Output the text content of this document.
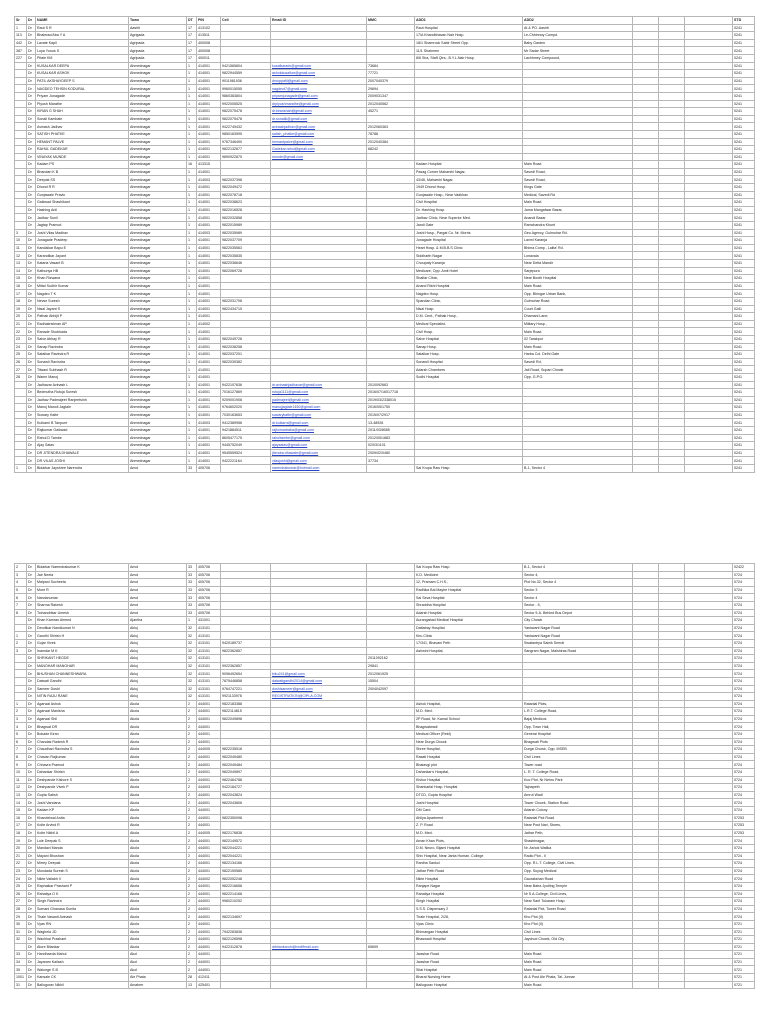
Sr	Dr	NAME	Town	DT	PIN	Cell	Email ID	MMC	ADD1	ADD2				STD
1	Dr	Raut S R	Aashti	17	413102				Raut Hospital	At & PO. Aashti				0241
113	Dr	Bhalerao/Aba Y A	Agrigada	17	413511				17/A Khandbhavan Nair Hosp.	Le-Chhinnoy Compd.				0241
442	Dr	Lavate Kapil	Agripada	17	400008				18/1 Shamrock Sabir Street Opp.	Baby Garden				0241
387	Dr	Loya Yunus S	Agripada	17	400008				11/1 Shahmen	Mr Sadar Street				0241
227	Dr	Pitale KM	Agripada	17	400011				8/6 Sira, Staff Qtrs., B.Y.L.Nair Hosp.	Lachhmey Compound,				0241
	Dr	KUSALKAR DEEPA	Ahmednagar	1	414001	9421565804	kusalkaradv@gmail.com	73684						0241
	Dr	KUSALKAR ASHOK	Ahmednagar	1	414001	9822944559	ashokkusalkar@gmail.com	77721						0241
	Dr	PATIL AKSHAYDEEP S	Ahmednagar	1	414001	9011981936	drsoppatil@gmail.com	2007040379						0241
	Dr	NAGDEO TEHSIN KODURAL	Ahmednagar	1	414001	9960015055	nagdeot7@gmail.com	29694						0241
	Dr	Priyam Junagade	Ahmednagar	1	414001	9860383804	priyamjunagade@gmail.com	2009031347						0241
	Dr	Piyush Marathe	Ahmednagar	1	414001	9922005525	drpiyushmarathe@gmail.com	2012040562						0241
	Dr	KIRAN G SHAH	Ahmednagar	1	414001	9822075478	dr.kiranshah@gmail.com	45271						0241
	Dr	Sonali Kambale	Ahmednagar	1	414001	9822075478	dr.sonalik@gmail.com							0241
	Dr	Avinash Jadhav	Ahmednagar	1	414001	9422749432	avinashjadhav@gmail.com	2012060363						0241
	Dr	SATISH PHATKE	Ahmednagar	1	414001	9850183595	satish_phatke@gmail.com	78788						0241
	Dr	HEMANT PALVE	Ahmednagar	1	414001	9767346490	hemantpalve@gmail.com	2012040384						0241
	Dr	RAHUL GADEKAR	Ahmednagar	1	414001	9822132677	Gadekar.rahul@gmail.com	68242						0241
	Dr	VINAYAK MUNDE	Ahmednagar	1	414001	9890922875	munde@gmail.com							0241
	Dr	Kadam PS	Ahmednagar	16	413315				Kadam Hospital	Main Road				0241
	Dr	Bhandari K B	Ahmednagar	1	414001				Pasag Corner Maharshi Nagar,	Savedi Road,				0241
	Dr	Deepak SS	Ahmednagar	1	414003	9822037398			43/46, Maharshi Nagar,	Savedi Road,				0241
	Dr	Dhond R R	Ahmednagar	1	414001	9822049472			1949 Dhond Hosp.	Kings Gate				0241
	Dr	Gunjawale Pravin	Ahmednagar	1	414001	9822078718			Gunjawale Hosp., Near Vadkhav	Medical, Savedi Rd				0241
	Dr	Gaikwad Shashikant	Ahmednagar	1	414001	9822038623			Civil Hospital	Main Road				0241
	Dr	Hashing Anil	Ahmednagar	1	414001	9822016528			Dr. Hashing Hosp.	Jama Mangalwar Bazar,				0241
	Dr	Jadhav Sunil	Ahmednagar	1	414001	9822032858			Jadhav Clinic, Near Superior Med.	Anandi Bazar				0241
	Dr	Jagtap Pramod	Ahmednagar	1	414001	9822015989			Jandi Gate	Ramchandra Khunt				0241
3	Dr	Joshi Vilas Madhav	Ahmednagar	1	414003	9822035989			Joshi Hosp., Pargat Co. Nr. Morris	Geo Agency, Gulmohar Rd.				0241
10	Dr	Junagade Pradeep	Ahmednagar	1	414001	9822037709			Junagade Hospital	Laxmi Karanja				0241
11	Dr	Kandalkar Bapu E	Ahmednagar	1	414001	9822035563			Heart Hosp. & M.B.B.S Clinic	Bhima Comp., Lalita' Rd.				0241
12	Dr	Karandikar Jayant	Ahmednagar	1	414001	9822035835			Siddharth Nagar	Lonavala				0241
13	Dr	Kataria Vasant B	Ahmednagar	1	414001	9822036646			Choupaty Karanja	Near Delta Mandir				0241
14	Dr	Kathuriya HB	Ahmednagar	1	414001	9822069728			Medicare, Opp. Amit Hotel	Sarjepura				0241
15	Dr	Khan Rizwana	Ahmednagar	1	414001				Shalfar Clinic,	Near Booth Hospital				0241
16	Dr	Mittal Sudhir Kumar	Ahmednagar	1	414001				Anand Rishi Hospital	Main Road				0241
17	Dr	Nagdeo T K	Ahmednagar	1	414001				Nagdeo Hosp.	Opp. Bhingar Urban Bank,				0241
18	Dr	Nevse Suresh	Ahmednagar	1	414001	9822031708			Spandan Clinic,	Gulmohar Road				0241
19	Dr	Nisal Jayant S	Ahmednagar	1	414001	9822434715			Nisal Hosp.	Court Galli				0241
20	Dr	Pathak Abhijit P	Ahmednagar	1	414001				D.M. Cent., Pathak Hosp.,	Dhamani Lane,				0241
21	Dr	Radhakrishnan AP	Ahmednagar	1	414002				Medical Specialist,	Military Hosp.,				0241
22	Dr	Ranade Shubhada	Ahmednagar	1	414001				Civil Hosp.	Main Road				0241
23	Dr	Salve Abhay R	Ahmednagar	1	414001	9822049726			Salve Hospital	02 Tarakpur				0241
24	Dr	Sanap Ravindra	Ahmednagar	1	414001	9822038258			Sanap Hosp.	Main Road				0241
25	Dr	Satalkar Ravindra R	Ahmednagar	1	414001	9822037201			Satalkar Hosp.	Harba Col. Delhi Gate				0241
26	Dr	Sonawli Ravindra	Ahmednagar	1	414001	9822039382			Sonawli Hospital	Savedi Rd,				0241
27	Dr	Tilwani Subhash R	Ahmednagar	1	414001				Adarsh Chambers	Jail Road, Supari Chowk				0241
28	Dr	Wamn Manoj	Ahmednagar	1	414001				Sodhi Hospital	Opp. G.P.O.				0241
	Dr	Jadhavar Avinash L	Ahmednagar	1	414001	9422107636	dr.avinashjadhavar@gmail.com	2010092663						0241
	Dr	Bedmutha Rutuja Suresh	Ahmednagar	1	414001	7016127869	rutuja1111@gmail.com	2016/07/16017718						0241
	Dr	Jadhav Padmajeet Ranjeetsinh	Ahmednagar	1	414001	9209001908	padmajeet@gmail.com	2019/03/2338015						0241
	Dr	Manoj Manoli Jagtale	Ahmednagar	1	414001	9764602020	manojjagtale1450@gmail.com	2016/05/1750						0241
	Dr	Suwary Katte	Ahmednagar	1	414001	7030163653	suwarykatte@gmail.com	2015/07/2917						0241
	Dr	Kulkarni B Tanpure	Ahmednagar	1	414003	9412389956	dr.kulkarni@gmail.com	13-48926						0241
	Dr	Rajkumar Gaikwad	Ahmednagar	1	414001	9421884511	rajkumarbaba@gmail.com	2011/03/8085						0241
	Dr	Rahul D Tambe	Ahmednagar	1	414001	8605477175	rahultambe@gmail.com	2012/05/1883						0241
	Dr	Ajay Satav	Ahmednagar	1	414001	9445752049	ajaysatav@gmail.com	02/03/1101						0241
	Dr	DR JITENDRA DHAWALE	Ahmednagar	1	414001	9545559524	jitendra.dhawale@gmail.com	2009/02/0480						0241
	Dr	DR VILAS JOSHI	Ahmednagar	1	414001	9422221164	vilasjoshi@gmail.com	37734						0241
1	Dr	Bidarkar Jayshree Narendra	Amol	33	405706		narendrakumar@hotmail.com		Sai Krupa Raw Hosp.	B-1, Sector 4				0241
2	Dr	Bidarkar Narendrakumar K	Amol	33	405706				Sai Krupa Raw Hosp.	B-1, Sector 4				02422
3	Dr	Jair Neela	Amol	33	405706				K.D. Medicine	Sector 4,				0724
4	Dr	Malpani Sucheeta	Amol	33	405706				12, Pramam C.H.S.,	Plot No.32, Sector 4				0724
5	Dr	More R	Amol	33	405706				Radhika Bal Mayhe Hospital	Sector 3				0724
6	Dr	Nandanumar	Amol	33	405706				Sai Seva Hospital	Sector 4				0724
7	Dr	Sharma Rakesh	Amol	33	405706				Shraddha Hospital	Sector - 5,				0724
8	Dr	Tolnandrikar Umesh	Amol	33	405706				Adarsh Hospital	Sector 9-A, Behind Bus Depot				0724
	Dr	Khan Kamran Ahmed	Ajantha	1	431001				Aurangabad Medical Hospital	City Chowk				0724
	Dr	Deodikar Nandkumar N	Akluj	32	413101				Dattatray Hospital	Yashwant Nagar Road				0724
1	Dr	Gandhi Shirish H	Akluj	32	413101				Kiru Clinic	Yashwant Nagar Road				0724
2	Dr	Gujar Vivek	Akluj	32	413101	9420189737			17/341, Bhavani Peth	Swatantrya Sainik Smruti				0724
3	Dr	Inamdar M K	Akluj	32	413101	9822362857			Ashwini Hospital,	Sangram Nagar, Malshiras Road				0724
	Dr	SHRIKANT HEGDE	Akluj	32	413101			2011092162						0724
	Dr	MANOHAR MANOHAR	Akluj	32	413101	9922362857		29841						0724
	Dr	BHUSHAN CHANNESHWARA	Akluj	32	413101	9096492654	biku241@gmail.com	2012061925						0724
	Dr	Daiwati Gandhi	Akluj	32	413101	7875446858	daiwatigandhi2014@gmail.com	15504						0724
	Dr	Sameer Doshi	Akluj	32	413101	9764747221	doshisameer@gmail.com	2004042097						0724
	Dr	NITIN RAJU RANE	Akluj	32	413101	9921133978	REGISTRATION@CIPLA.COM							0724
1	Dr	Agarwal Ashok	Akola	2	444001	9822183388			Ashok Hospital,	Ratanlal Plots,				0724
2	Dr	Agarwal Manisha	Akola	2	444001	9822114815			M.D. Med.	L.R.T. College Road,				0724
3	Dr	Agarwal Shil	Akola	2	444001	9822049898			2P Road, Nr. Kamal School	Bajaj Medicos				0724
4	Dr	Bhagwat DR	Akola	2	444001				Bhagwatwadi	Opp. Town Hall,				0724
5	Dr	Bokade Kiran	Akola	2	444001				Medical Officer (Retd)	General Hospital				0724
6	Dr	Chandak Radesh R	Akola	2	444001				Near Durga Chowk	Bhagwati Plots				0724
7	Dr	Chaudhari Ravindra S	Akola	2	444005	9822235516			Shree Hospital,	Durga Chowk, Opp. MSEB				0724
8	Dr	Chavan Rajkumar	Akola	2	444001	9822049480			Rasati Hospital	Civil Lines				0724
9	Dr	Chhavra Pramod	Akola	2	444001	9822049484			Bhatavgi plot	Tower road				0724
10	Dr	Dahankar Shirish	Akola	2	444001	9822049897			Dahankar's Hospital,	L. R. T. College Road,				0724
11	Dr	Deshpande Kishore S	Akola	2	444001	9822464788			Kishor Hospital	Koo Plot, Nr Nehru Park				0724
12	Dr	Deshpande Vivek P	Akola	2	444003	9422184727			Shankarlal Hosp. Hospital	Tajnapeth				0724
13	Dr	Gupta Satish	Akola	2	444001	9822043824			DTCD, Gupta Hospital	Amrut Wadi				0724
14	Dr	Joshi Vandana	Akola	2	444001	9822043806			Joshi Hospital	Tower Chowk, Station Road				0724
15	Dr	Kadam KP	Akola	2	444001				DM Card.	Adarsh Colony				0724
16	Dr	Khandelwal Anita	Akola	2	444001	9822350098			Ahilya Apartment	Ratanlal Plot Road				07253
17	Dr	Kolte Arvind R	Akola	2	444001				Z. P. Road	Near Post Nari, Stores,				07253
18	Dr	Kolte Nikhil A	Akola	2	444005	9822176838			M.D. Med.	Jathar Peth,				07253
19	Dr	Lule Deepak S	Akola	2	444001	9822149572			Aman Khan Plots,	Shastrinagar,				0724
20	Dr	Mandavi Manda	Akola	2	444001	9822044221			D.M. Neuro, Bijami Hospital	Nr. Ashok Watika				0724
21	Dr	Mayani Bhushan	Akola	2	444001	9822044221			Shiv Hospital, Near Janta Human. College	Radio Plot - II				0724
22	Dr	Mirrey Deepak	Akola	2	444001	9822134166			Rantha Sankul	Opp. R.L.T. College, Civil Lines,				0724
23	Dr	Mundada Suresh S	Akola	2	444001	9822159585			Jathar Peth Road	Opp. Suyog Medical				0724
24	Dr	Nikte Vailabh V	Akola	2	444002	9822052248			Nikte Hospital	Gaurakshan Road				0724
25	Dr	Raphalkar Prashant P	Akola	2	444001	9822216658			Ranjape Nagar	Near Batra Jyotling Temple				0724
26	Dr	Rahatiya O K	Akola	2	444001	9822214168			Rahatiya Hospital	Nr S.A.College, Civil Lines,				0724
27	Dr	Singh Ravindra	Akola	2	444001	9960210252			Singh Hospital	Near Sant Tukaram Hosp.				0724
28	Dr	Somani Ghanasa Sunita	Akola	2	444001				S.S.S. Dispensary 2	Ratanlal Plot, Tower Road				0724
29	Dr	Thale Vasanti Avinash	Akola	2	444001	9822134697			Thale Hospital, 2/28,	Kho Plot (II)				0724
30	Dr	Vyas RN	Akola	2	444001				Vyas Clinic	Kho Plot (II)				0721
31	Dr	Waghela JD	Akola	2	444001	7942283838			Bhimangan Hospital	Civil Lines				0721
32	Dr	Wachhal Prashant	Akola	2	444001	9822126598			Bhaswadi Hospital	Jaychod Chowk, Old City				0721
	Dr	Atore Bilankar	Akola	2	444001	9422312878	drbilankaruhi@rediffmail.com	65699						0721
33	Dr	Handhaeda Mahul	Akol	2	444001				Jwashar Road	Main Road				0721
34	Dr	Jayaram Kailash	Akol	2	444001				Jwashar Road	Main Road				0721
35	Dr	Walunge S B	Akol	2	444001				Sitai Hospital	Main Road				0721
1001	Dr	Kansale CK	Ale Phata	28	412411				Bharat Nursing Home	At & Post Ale Phata, Tal. Junnar				0721
31	Dr	Ballugurav Nikhil	Amalner	13	425401				Ballugurav Hospital	Main Road				0721
